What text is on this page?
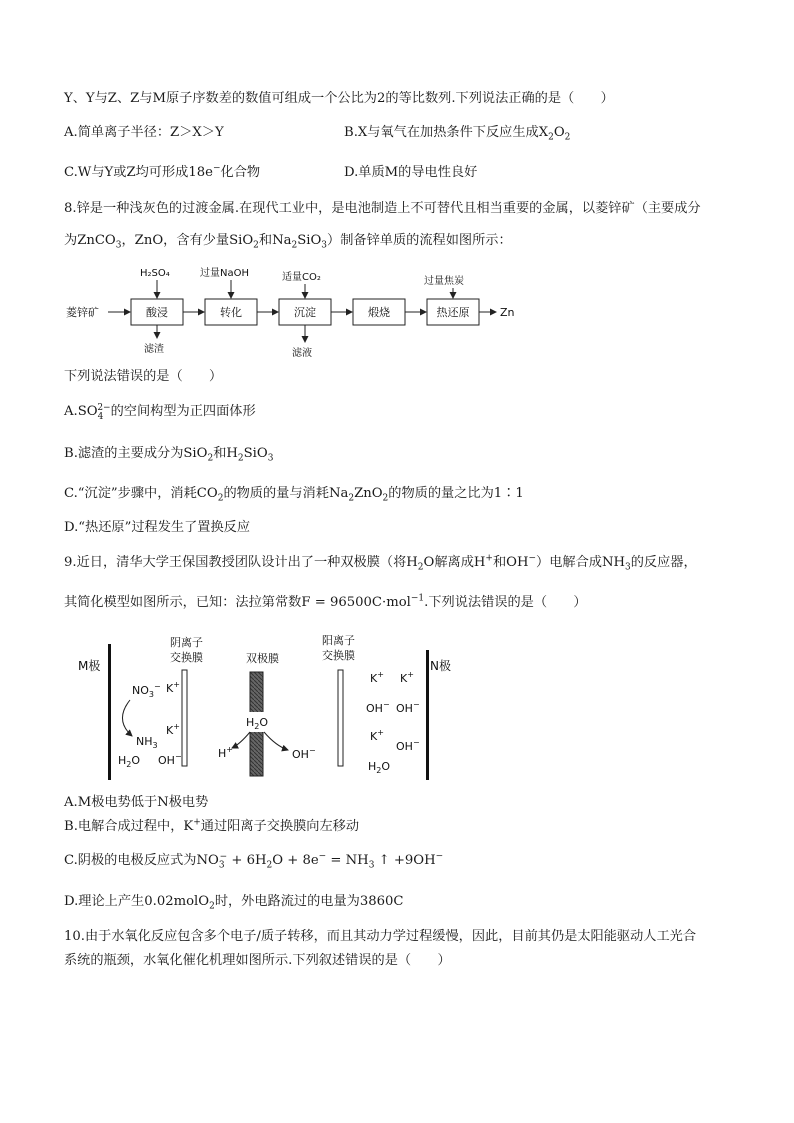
Y、Y与Z、Z与M原子序数差的数值可组成一个公比为2的等比数列.下列说法正确的是（　　）
A.简单离子半径：Z＞X＞Y	B.X与氧气在加热条件下反应生成$X_2O_2$
C.W与Y或Z均可形成18e−化合物	D.单质M的导电性良好
8.锌是一种浅灰色的过渡金属.在现代工业中，是电池制造上不可替代且相当重要的金属，以菱锌矿（主要成分
为ZnCO$_3$，ZnO，含有少量SiO$_2$和$Na_2SiO_3$）制备锌单质的流程如图所示：
菱锌矿	酸浸	转化	沉淀	煅烧	热还原	Zn
H₂SO₄	过量NaOH	适量CO₂	过量焦炭
滤渣	滤液
下列说法错误的是（　　）
$A.SO_4^{2-}$的空间构型为正四面体形
B.滤渣的主要成分为SiO$_2$和$H_2SiO_3$
C.“沉淀”步骤中，消耗$CO_2$的物质的量与消耗$Na_2ZnO_2$的物质的量之比为1∶1
D.“热还原”过程发生了置换反应
9.近日，清华大学王保国教授团队设计出了一种双极膜（将$H_2O$解离成H+和OH−）电解合成$NH_3$的反应器，
其简化模型如图所示，已知：法拉第常数F = 96500C·mol$^{-1}$.下列说法错误的是（　　）
M极	N极
阴离子
交换膜	双极膜
阳离子
交换膜
$NO_3^-$ K+
K+
$NH_3$
$H_2O$ OH−
$H_2O$
H+	OH−
K+ K+
OH− OH−
K+
OH−
$H_2O$
A.M极电势低于N极电势
B.电解合成过程中，K+通过阳离子交换膜向左移动
C.阴极的电极反应式为$NO_3^- + 6H_2O + 8e^- = NH_3$ ↑ +9OH−
D.理论上产生0.02molO$_2$时，外电路流过的电量为3860C
10.由于水氧化反应包含多个电子/质子转移，而且其动力学过程缓慢，因此，目前其仍是太阳能驱动人工光合
系统的瓶颈，水氧化催化机理如图所示.下列叙述错误的是（　　）
